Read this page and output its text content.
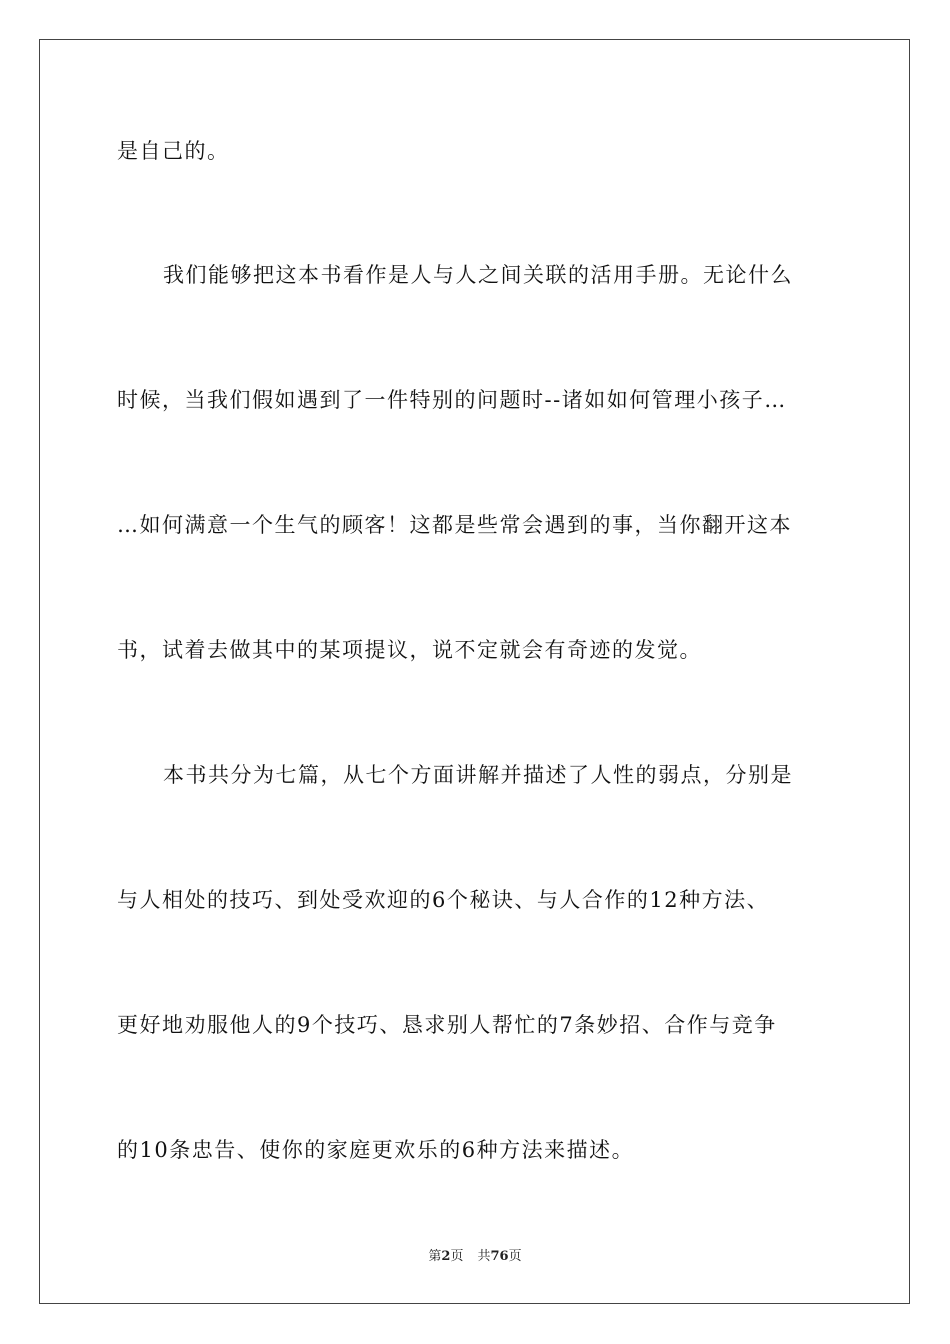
是自己的。
我们能够把这本书看作是人与人之间关联的活用手册。无论什么
时候，当我们假如遇到了一件特别的问题时--诸如如何管理小孩子…
…如何满意一个生气的顾客！这都是些常会遇到的事，当你翻开这本
书，试着去做其中的某项提议，说不定就会有奇迹的发觉。
本书共分为七篇，从七个方面讲解并描述了人性的弱点，分别是
与人相处的技巧、到处受欢迎的6个秘诀、与人合作的12种方法、
更好地劝服他人的9个技巧、恳求别人帮忙的7条妙招、合作与竞争
的10条忠告、使你的家庭更欢乐的6种方法来描述。
第2页 共76页
